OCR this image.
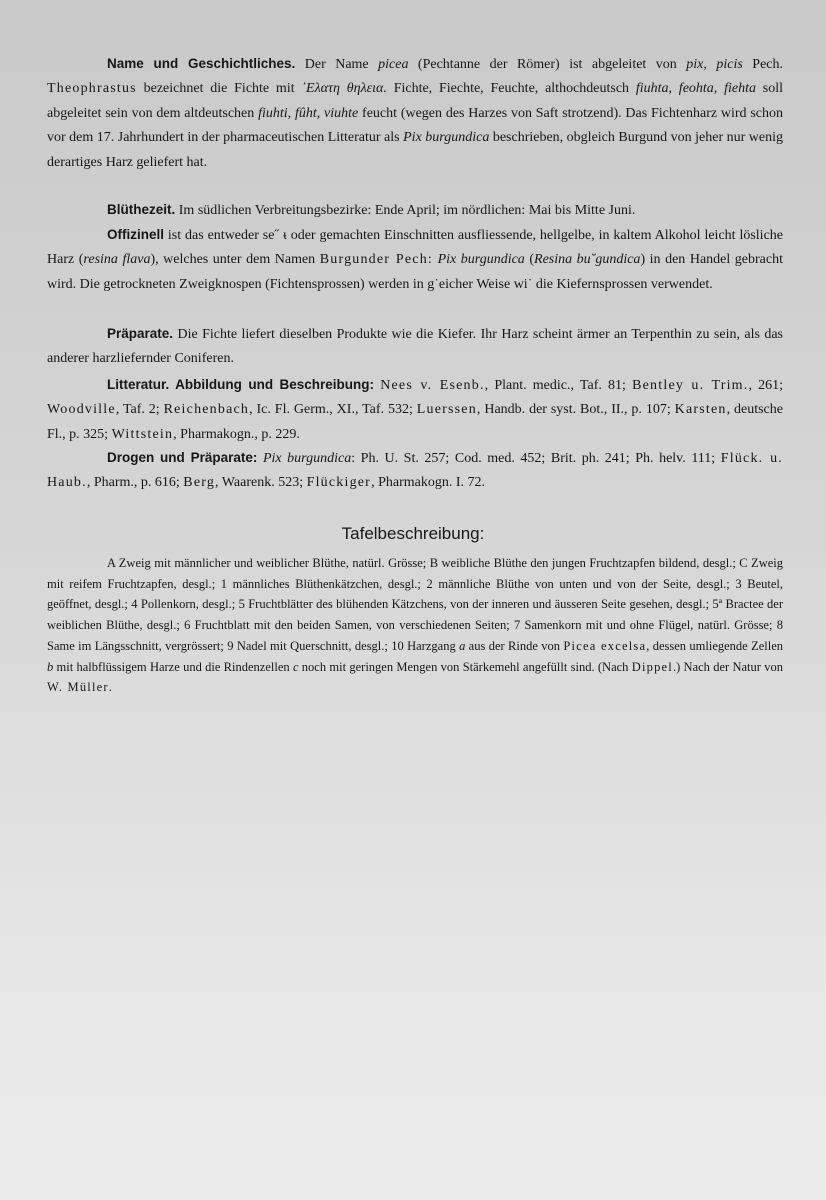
Name und Geschichtliches. Der Name picea (Pechtanne der Römer) ist abgeleitet von pix, picis Pech. Theophrastus bezeichnet die Fichte mit ᾿Ελατη θηλεια. Fichte, Fiechte, Feuchte, althochdeutsch fiuhta, feohta, fiehta soll abgeleitet sein von dem altdeutschen fiuhti, fûht, viuhte feucht (wegen des Harzes von Saft strotzend). Das Fichtenharz wird schon vor dem 17. Jahrhundert in der pharmaceutischen Litteratur als Pix burgundica beschrieben, obgleich Burgund von jeher nur wenig derartiges Harz geliefert hat.

Blüthezeit. Im südlichen Verbreitungsbezirke: Ende April; im nördlichen: Mai bis Mitte Juni.

Offizinell ist das entweder se˝ ᵼ oder gemachten Einschnitten ausfliessende, hellgelbe, in kaltem Alkohol leicht lösliche Harz (resina flava), welches unter dem Namen Burgunder Pech: Pix burgundica (Resina bu˘gundica) in den Handel gebracht wird. Die getrockneten Zweigknospen (Fichtensprossen) werden in g˙eicher Weise wi˙ die Kiefernsprossen verwendet.

Präparate. Die Fichte liefert dieselben Produkte wie die Kiefer. Ihr Harz scheint ärmer an Terpenthin zu sein, als das anderer harzliefernder Coniferen.

Litteratur. Abbildung und Beschreibung: Nees v. Esenb., Plant. medic., Taf. 81; Bentley u. Trim., 261; Woodville, Taf. 2; Reichenbach, Ic. Fl. Germ., XI., Taf. 532; Luerssen, Handb. der syst. Bot., II., p. 107; Karsten, deutsche Fl., p. 325; Wittstein, Pharmakogn., p. 229.

Drogen und Präparate: Pix burgundica: Ph. U. St. 257; Cod. med. 452; Brit. ph. 241; Ph. helv. 111; Flück. u. Haub., Pharm., p. 616; Berg, Waarenk. 523; Flückiger, Pharmakogn. I. 72.

Tafelbeschreibung:

A Zweig mit männlicher und weiblicher Blüthe, natürl. Grösse; B weibliche Blüthe den jungen Fruchtzapfen bildend, desgl.; C Zweig mit reifem Fruchtzapfen, desgl.; 1 männliches Blüthenkätzchen, desgl.; 2 männliche Blüthe von unten und von der Seite, desgl.; 3 Beutel, geöffnet, desgl.; 4 Pollenkorn, desgl.; 5 Fruchtblätter des blühenden Kätzchens, von der inneren und äusseren Seite gesehen, desgl.; 5ª Bractee der weiblichen Blüthe, desgl.; 6 Fruchtblatt mit den beiden Samen, von verschiedenen Seiten; 7 Samenkorn mit und ohne Flügel, natürl. Grösse; 8 Same im Längsschnitt, vergrössert; 9 Nadel mit Querschnitt, desgl.; 10 Harzgang a aus der Rinde von Picea excelsa, dessen umliegende Zellen b mit halbflüssigem Harze und die Rindenzellen c noch mit geringen Mengen von Stärkemehl angefüllt sind. (Nach Dippel.) Nach der Natur von W. Müller.
